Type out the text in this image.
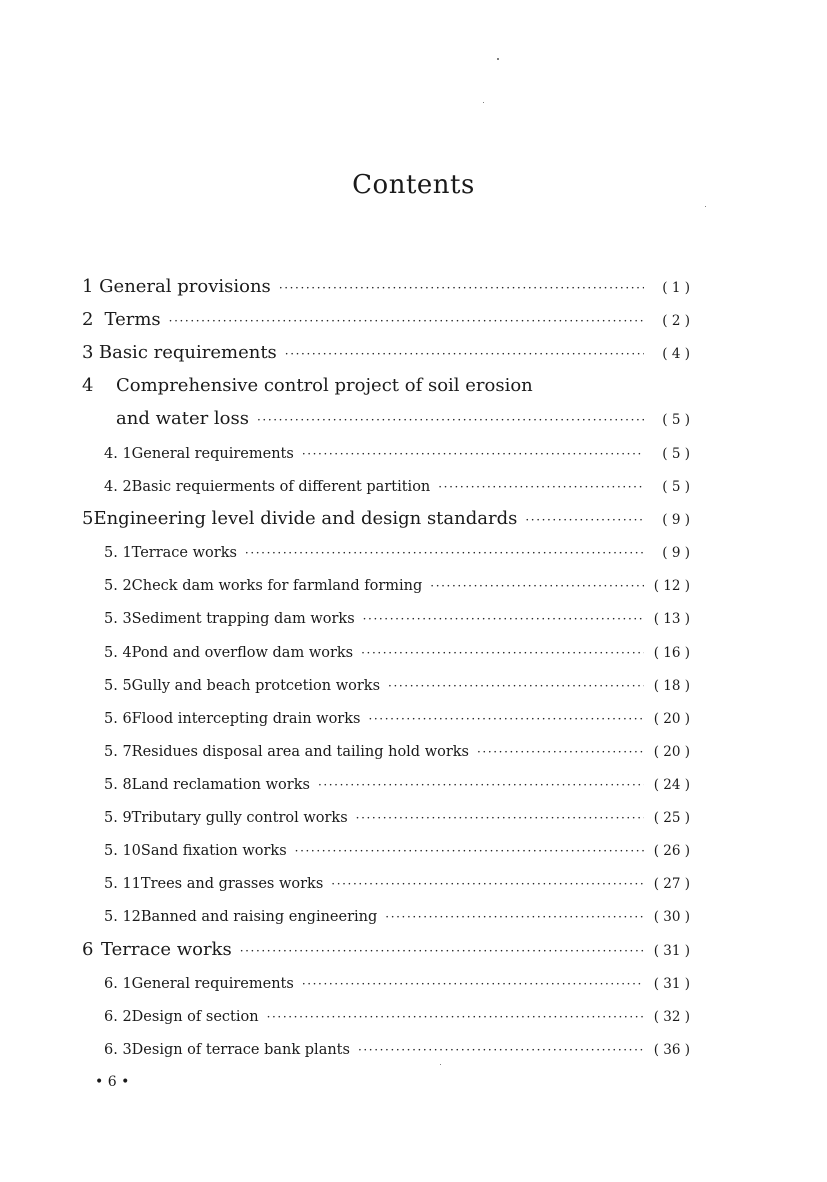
Contents
1 General provisions ·····	( 1 )
2 Terms ·····	( 2 )
3 Basic requirements ·····	( 4 )
4	Comprehensive control project of soil erosion
and water loss ·····	( 5 )
4. 1 General requirements ·····	( 5 )
4. 2 Basic requierments of different partition ·····	( 5 )
5 Engineering level divide and design standards ·····	( 9 )
5. 1 Terrace works ·····	( 9 )
5. 2 Check dam works for farmland forming ·····	( 12 )
5. 3 Sediment trapping dam works ·····	( 13 )
5. 4 Pond and overflow dam works ·····	( 16 )
5. 5 Gully and beach protcetion works ·····	( 18 )
5. 6 Flood intercepting drain works ·····	( 20 )
5. 7 Residues disposal area and tailing hold works ·····	( 20 )
5. 8 Land reclamation works ·····	( 24 )
5. 9 Tributary gully control works ·····	( 25 )
5. 10 Sand fixation works ·····	( 26 )
5. 11 Trees and grasses works ·····	( 27 )
5. 12 Banned and raising engineering ·····	( 30 )
6 Terrace works ·····	( 31 )
6. 1 General requirements ·····	( 31 )
6. 2 Design of section ·····	( 32 )
6. 3 Design of terrace bank plants ·····	( 36 )
• 6 •
